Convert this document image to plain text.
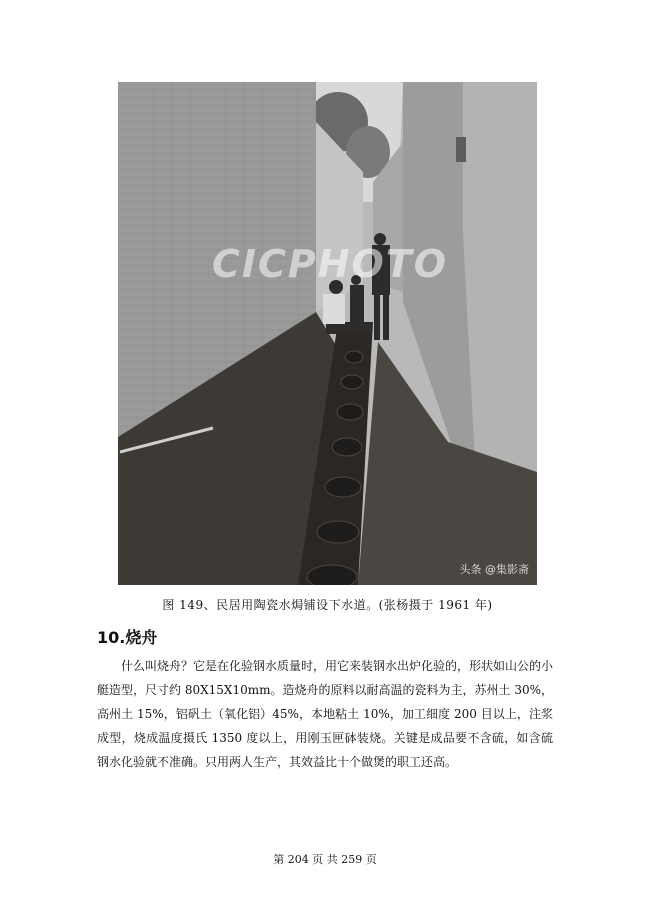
CICPHOTO
头条 @集影斋
图 149、民居用陶瓷水焗铺设下水道。(张杨摄于 1961 年)
10.烧舟

什么叫烧舟？它是在化验钢水质量时，用它来装钢水出炉化验的，形状如山公的小艇造型，尺寸约 80X15X10mm。造烧舟的原料以耐高温的瓷料为主，苏州土 30%，高州土 15%，铝矾土（氧化铝）45%，本地粘土 10%，加工细度 200 目以上，注浆成型，烧成温度摄氏 1350 度以上，用刚玉匣砵装烧。关键是成品要不含硫，如含硫钢水化验就不准确。只用两人生产，其效益比十个做煲的职工还高。

第 204 页 共 259 页
